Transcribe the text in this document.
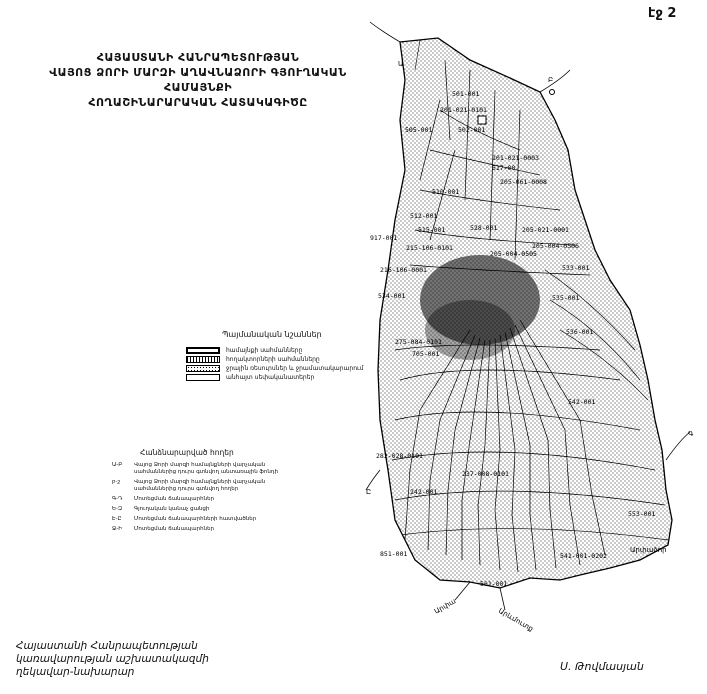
էջ 2
ՀԱՅԱՍՏԱՆԻ ՀԱՆՐԱՊԵՏՈՒԹՅԱՆ
ՎԱՅՈՑ ՁՈՐԻ ՄԱՐԶԻ ԱՂԱՎՆԱՁՈՐԻ ԳՅՈՒՂԱԿԱՆ ՀԱՄԱՅՆՔԻ
ՀՈՂԱՇԻՆԱՐԱՐԱԿԱՆ ՀԱՏԱԿԱԳԻԾԸ
501-001
201-021-0101
505-001	502-001
201-021-0003
517-00
205-061-0008
510-001
512-001
515-001	528-001
917-001
215-106-0101
205-021-0001
205-004-0506
205-004-0505
216-106-0001
534-001
275-084-0101
705-001
282-028-0101
242-001
237-008-0101
535-001
553-001
541-001-0202
851-001
536-001
533-001
561-001
542-001
Ա
Բ
Գ
Ը
Արփաձոր
Արփա
Արևմուտք
Պայմանական նշաններ
համայնքի սահմանները
հողակտորների սահմանները
ջրային ռեսուրսներ և ջրամատակարարում
անհայտ սեփականատերեր
Հանձնարարված հողեր
Ա-Բ	Վայոց Ձորի մարզի համայնքների վարչական սահմաններից դուրս գտնվող անտառային ֆոնդի
բ-շ	Վայոց Ձորի մարզի համայնքների վարչական սահմաններից դուրս գտնվող հողեր
Գ-Դ	Մոտեցման ճանապարհներ
Ե-Զ	Գյուղական կանաչ ցանցի
Է-Ը	Մոտեցման ճանապարհների հատվածներ
Ջ-Ի	Մոտեցման ճանապարհներ
Հայաստանի Հանրապետության
կառավարության աշխատակազմի
ղեկավար-նախարար	Ս. Թովմասյան
